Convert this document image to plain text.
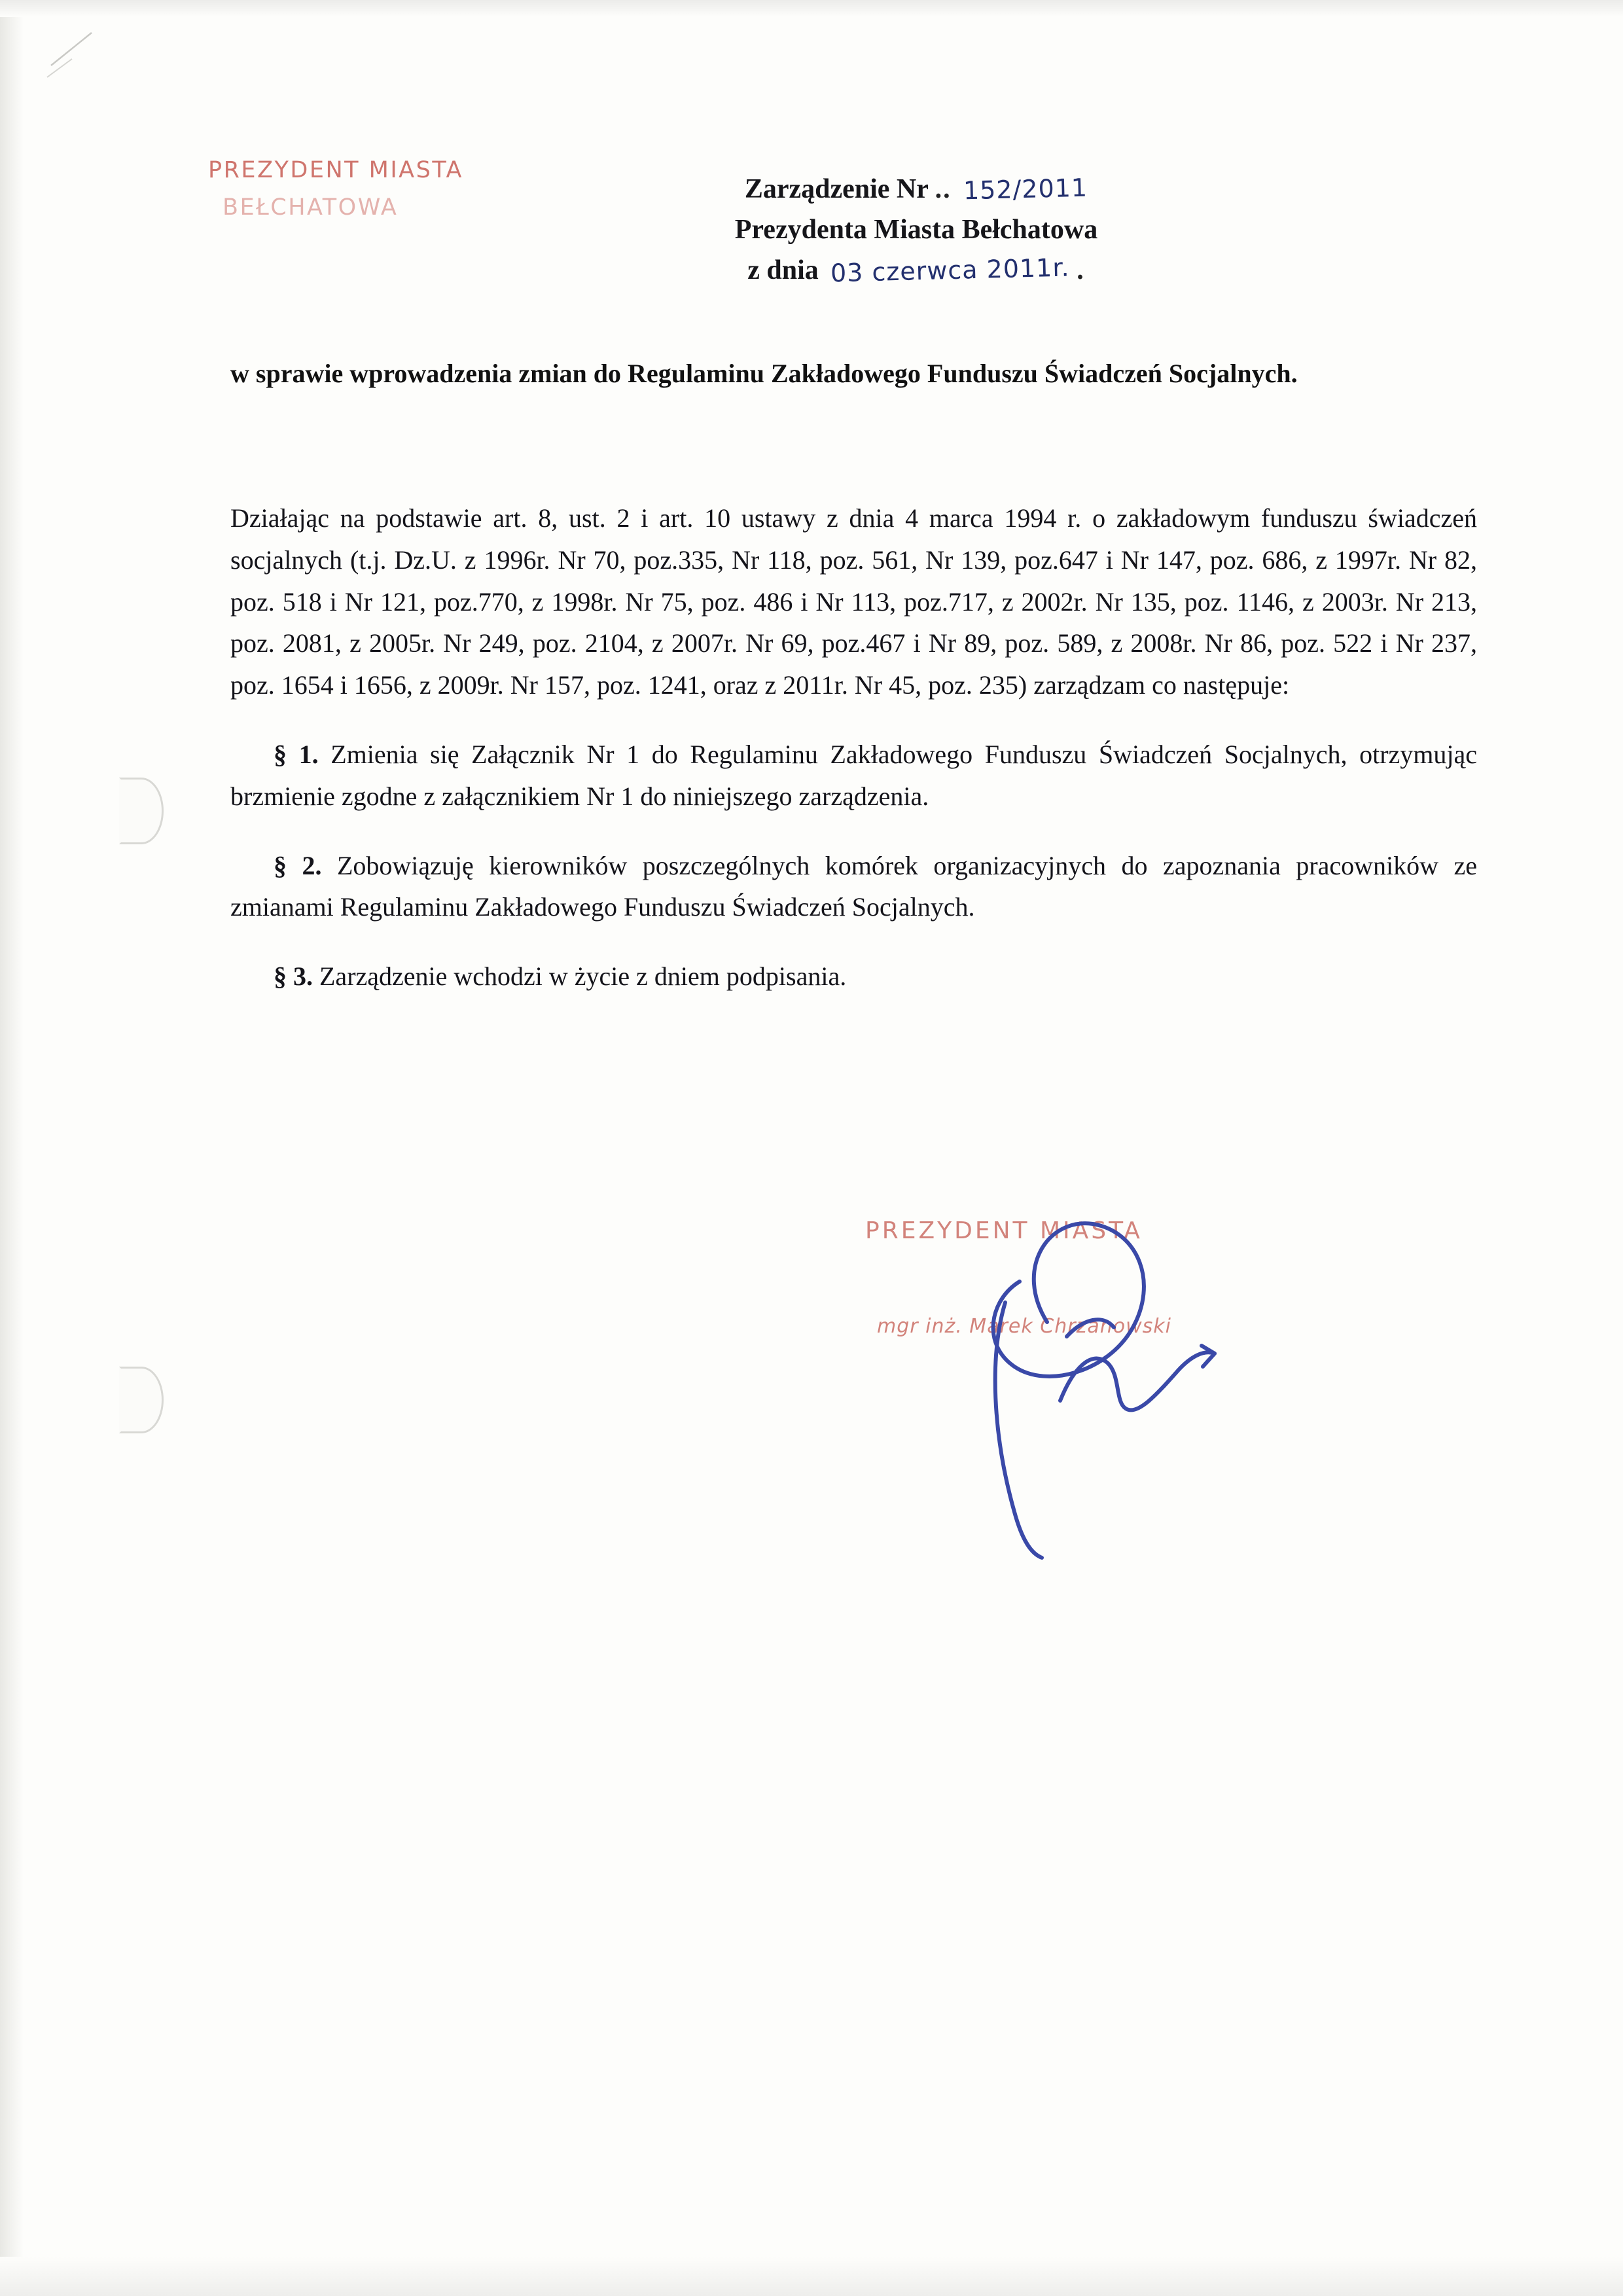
PREZYDENT MIASTA
BEŁCHATOWA
Zarządzenie Nr .. 152/2011
Prezydenta Miasta Bełchatowa
z dnia 03 czerwca 2011r. .
w sprawie wprowadzenia zmian do Regulaminu Zakładowego Funduszu Świadczeń Socjalnych.

Działając na podstawie art. 8, ust. 2 i art. 10 ustawy z dnia 4 marca 1994 r. o zakładowym funduszu świadczeń socjalnych (t.j. Dz.U. z 1996r. Nr 70, poz.335, Nr 118, poz. 561, Nr 139, poz.647 i Nr 147, poz. 686, z 1997r. Nr 82, poz. 518 i Nr 121, poz.770, z 1998r. Nr 75, poz. 486 i Nr 113, poz.717, z 2002r. Nr 135, poz. 1146, z 2003r. Nr 213, poz. 2081, z 2005r. Nr 249, poz. 2104, z 2007r. Nr 69, poz.467 i Nr 89, poz. 589, z 2008r. Nr 86, poz. 522 i Nr 237, poz. 1654 i 1656, z 2009r. Nr 157, poz. 1241, oraz z 2011r. Nr 45, poz. 235) zarządzam co następuje:

§ 1. Zmienia się Załącznik Nr 1 do Regulaminu Zakładowego Funduszu Świadczeń Socjalnych, otrzymując brzmienie zgodne z załącznikiem Nr 1 do niniejszego zarządzenia.

§ 2. Zobowiązuję kierowników poszczególnych komórek organizacyjnych do zapoznania pracowników ze zmianami Regulaminu Zakładowego Funduszu Świadczeń Socjalnych.

§ 3. Zarządzenie wchodzi w życie z dniem podpisania.

PREZYDENT MIASTA
mgr inż. Marek Chrzanowski
